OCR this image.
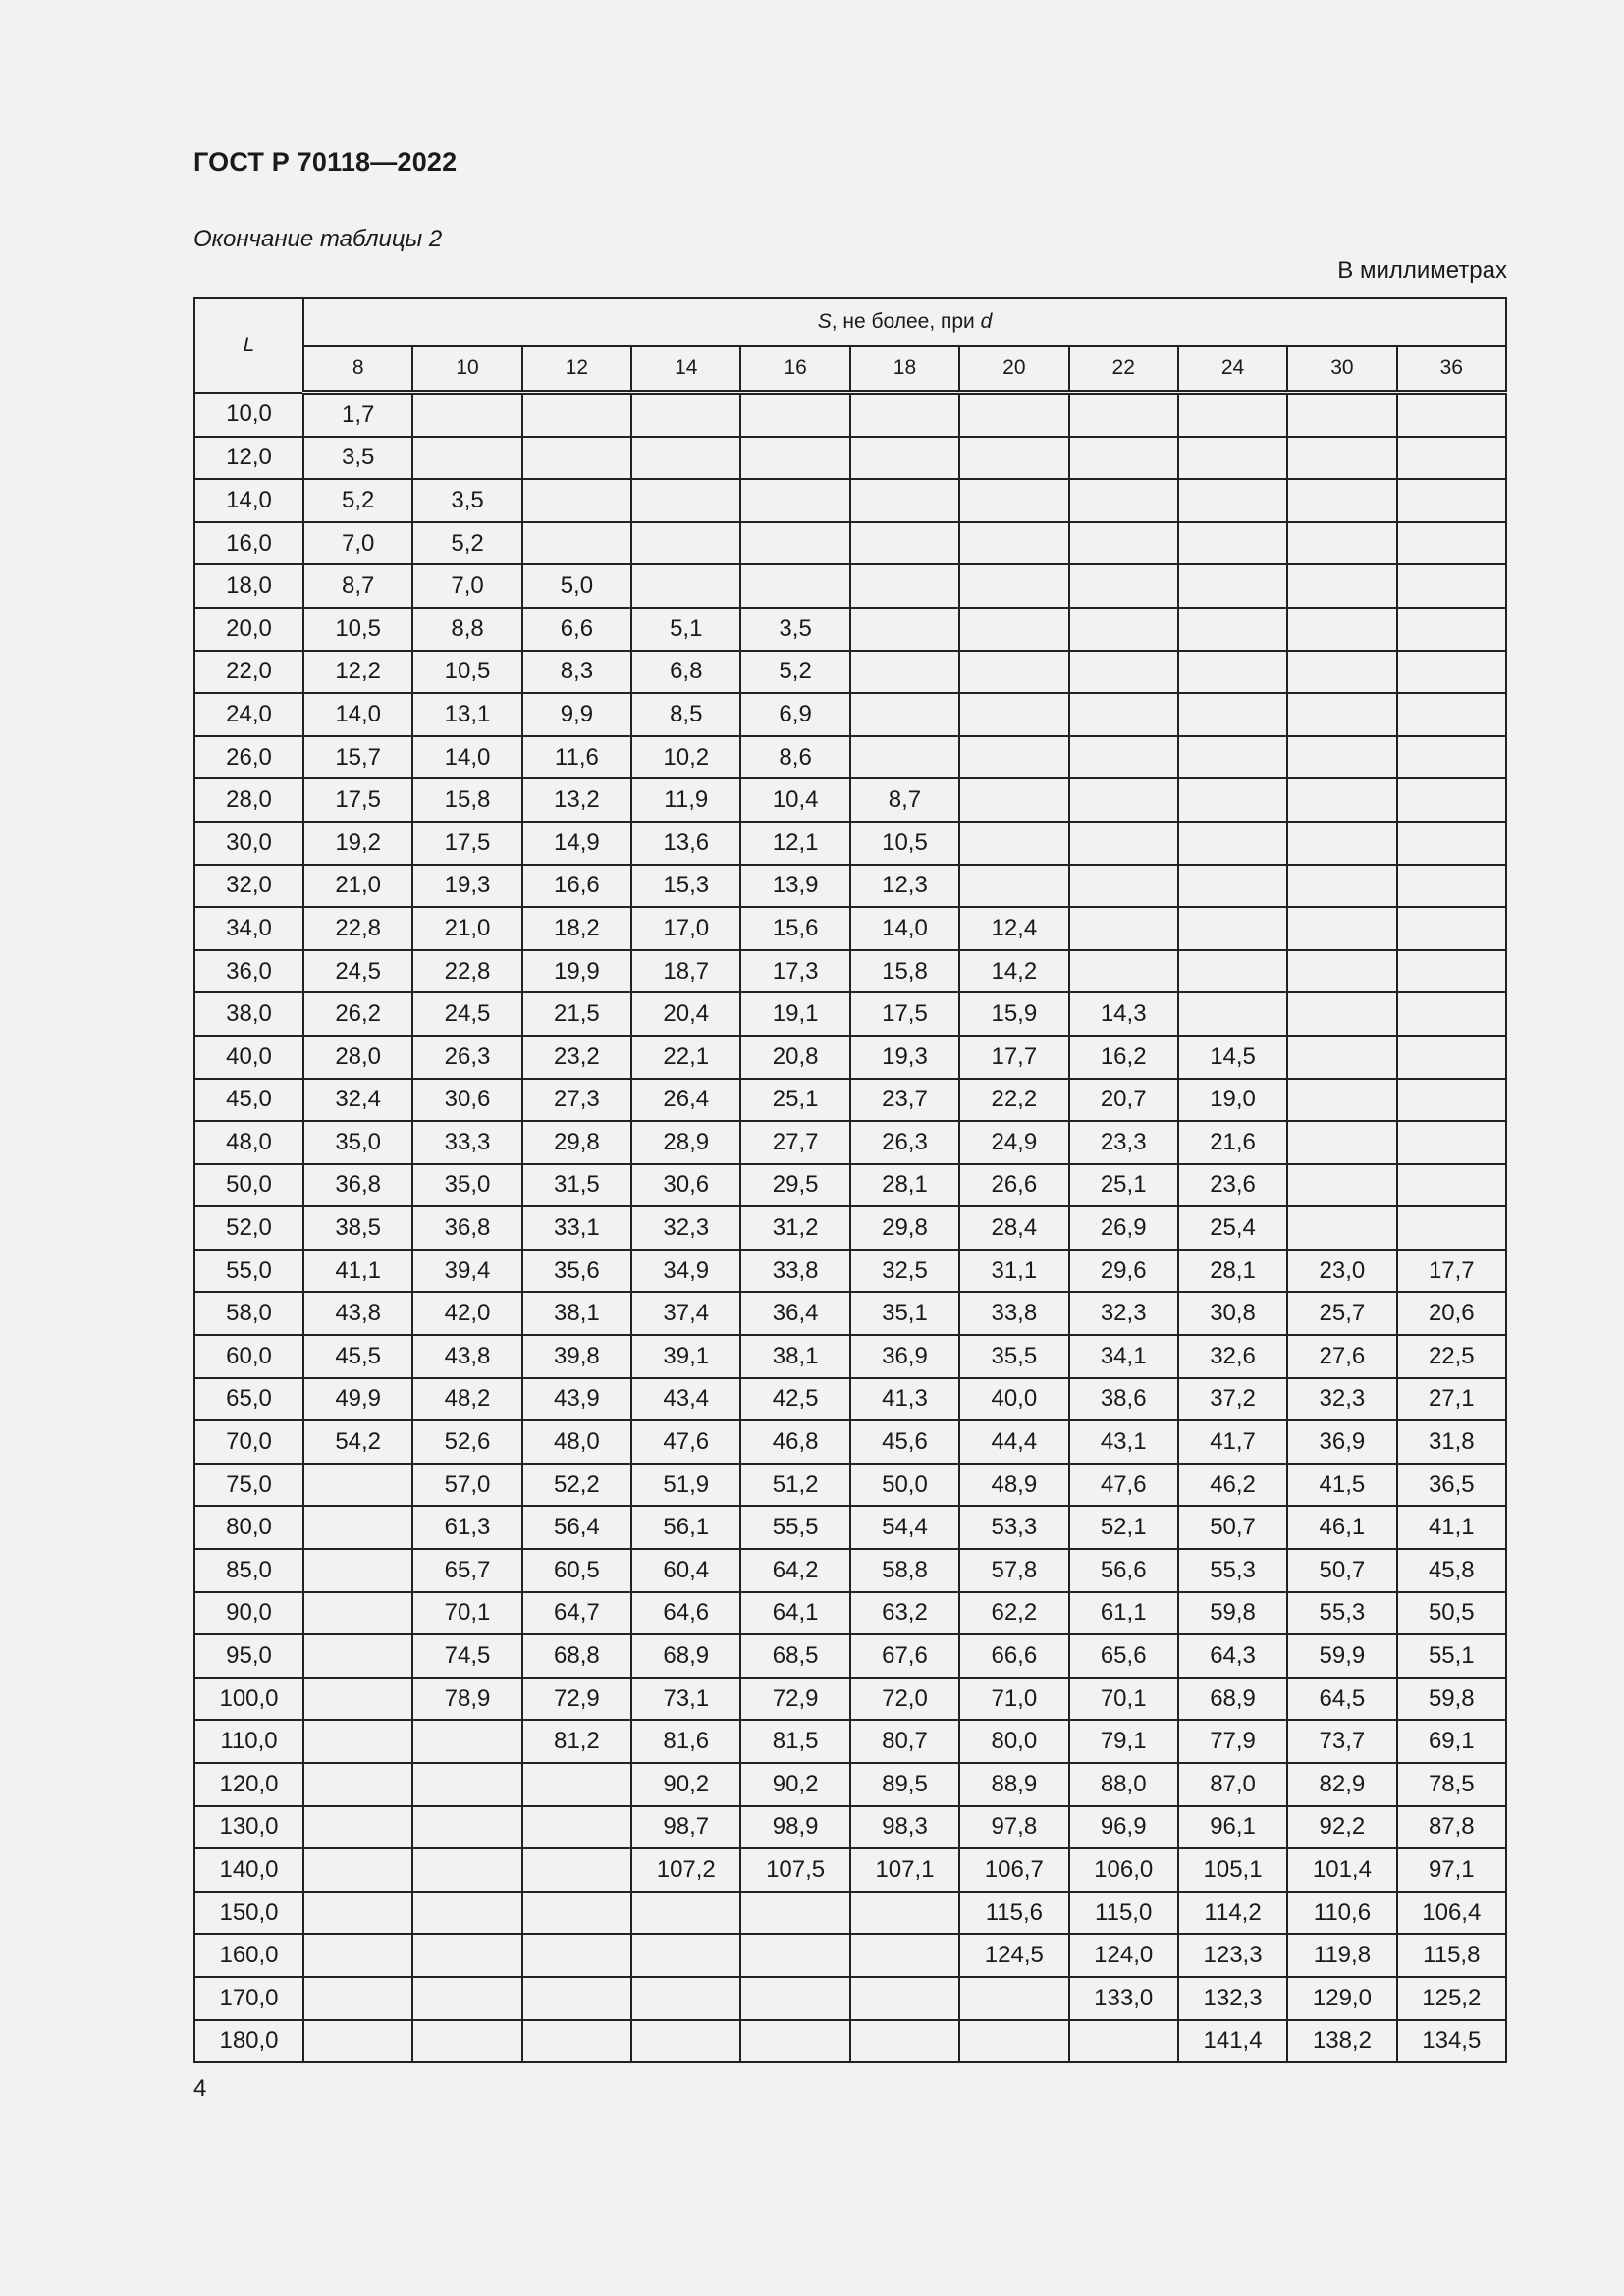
ГОСТ Р 70118—2022
Окончание таблицы 2
В миллиметрах
L	S, не более, при d										
	8	10	12	14	16	18	20	22	24	30	36
10,0	1,7										
12,0	3,5										
14,0	5,2	3,5									
16,0	7,0	5,2									
18,0	8,7	7,0	5,0								
20,0	10,5	8,8	6,6	5,1	3,5						
22,0	12,2	10,5	8,3	6,8	5,2						
24,0	14,0	13,1	9,9	8,5	6,9						
26,0	15,7	14,0	11,6	10,2	8,6						
28,0	17,5	15,8	13,2	11,9	10,4	8,7					
30,0	19,2	17,5	14,9	13,6	12,1	10,5					
32,0	21,0	19,3	16,6	15,3	13,9	12,3					
34,0	22,8	21,0	18,2	17,0	15,6	14,0	12,4				
36,0	24,5	22,8	19,9	18,7	17,3	15,8	14,2				
38,0	26,2	24,5	21,5	20,4	19,1	17,5	15,9	14,3			
40,0	28,0	26,3	23,2	22,1	20,8	19,3	17,7	16,2	14,5		
45,0	32,4	30,6	27,3	26,4	25,1	23,7	22,2	20,7	19,0		
48,0	35,0	33,3	29,8	28,9	27,7	26,3	24,9	23,3	21,6		
50,0	36,8	35,0	31,5	30,6	29,5	28,1	26,6	25,1	23,6		
52,0	38,5	36,8	33,1	32,3	31,2	29,8	28,4	26,9	25,4		
55,0	41,1	39,4	35,6	34,9	33,8	32,5	31,1	29,6	28,1	23,0	17,7
58,0	43,8	42,0	38,1	37,4	36,4	35,1	33,8	32,3	30,8	25,7	20,6
60,0	45,5	43,8	39,8	39,1	38,1	36,9	35,5	34,1	32,6	27,6	22,5
65,0	49,9	48,2	43,9	43,4	42,5	41,3	40,0	38,6	37,2	32,3	27,1
70,0	54,2	52,6	48,0	47,6	46,8	45,6	44,4	43,1	41,7	36,9	31,8
75,0		57,0	52,2	51,9	51,2	50,0	48,9	47,6	46,2	41,5	36,5
80,0		61,3	56,4	56,1	55,5	54,4	53,3	52,1	50,7	46,1	41,1
85,0		65,7	60,5	60,4	64,2	58,8	57,8	56,6	55,3	50,7	45,8
90,0		70,1	64,7	64,6	64,1	63,2	62,2	61,1	59,8	55,3	50,5
95,0		74,5	68,8	68,9	68,5	67,6	66,6	65,6	64,3	59,9	55,1
100,0		78,9	72,9	73,1	72,9	72,0	71,0	70,1	68,9	64,5	59,8
110,0			81,2	81,6	81,5	80,7	80,0	79,1	77,9	73,7	69,1
120,0				90,2	90,2	89,5	88,9	88,0	87,0	82,9	78,5
130,0				98,7	98,9	98,3	97,8	96,9	96,1	92,2	87,8
140,0				107,2	107,5	107,1	106,7	106,0	105,1	101,4	97,1
150,0							115,6	115,0	114,2	110,6	106,4
160,0							124,5	124,0	123,3	119,8	115,8
170,0								133,0	132,3	129,0	125,2
180,0									141,4	138,2	134,5
4
